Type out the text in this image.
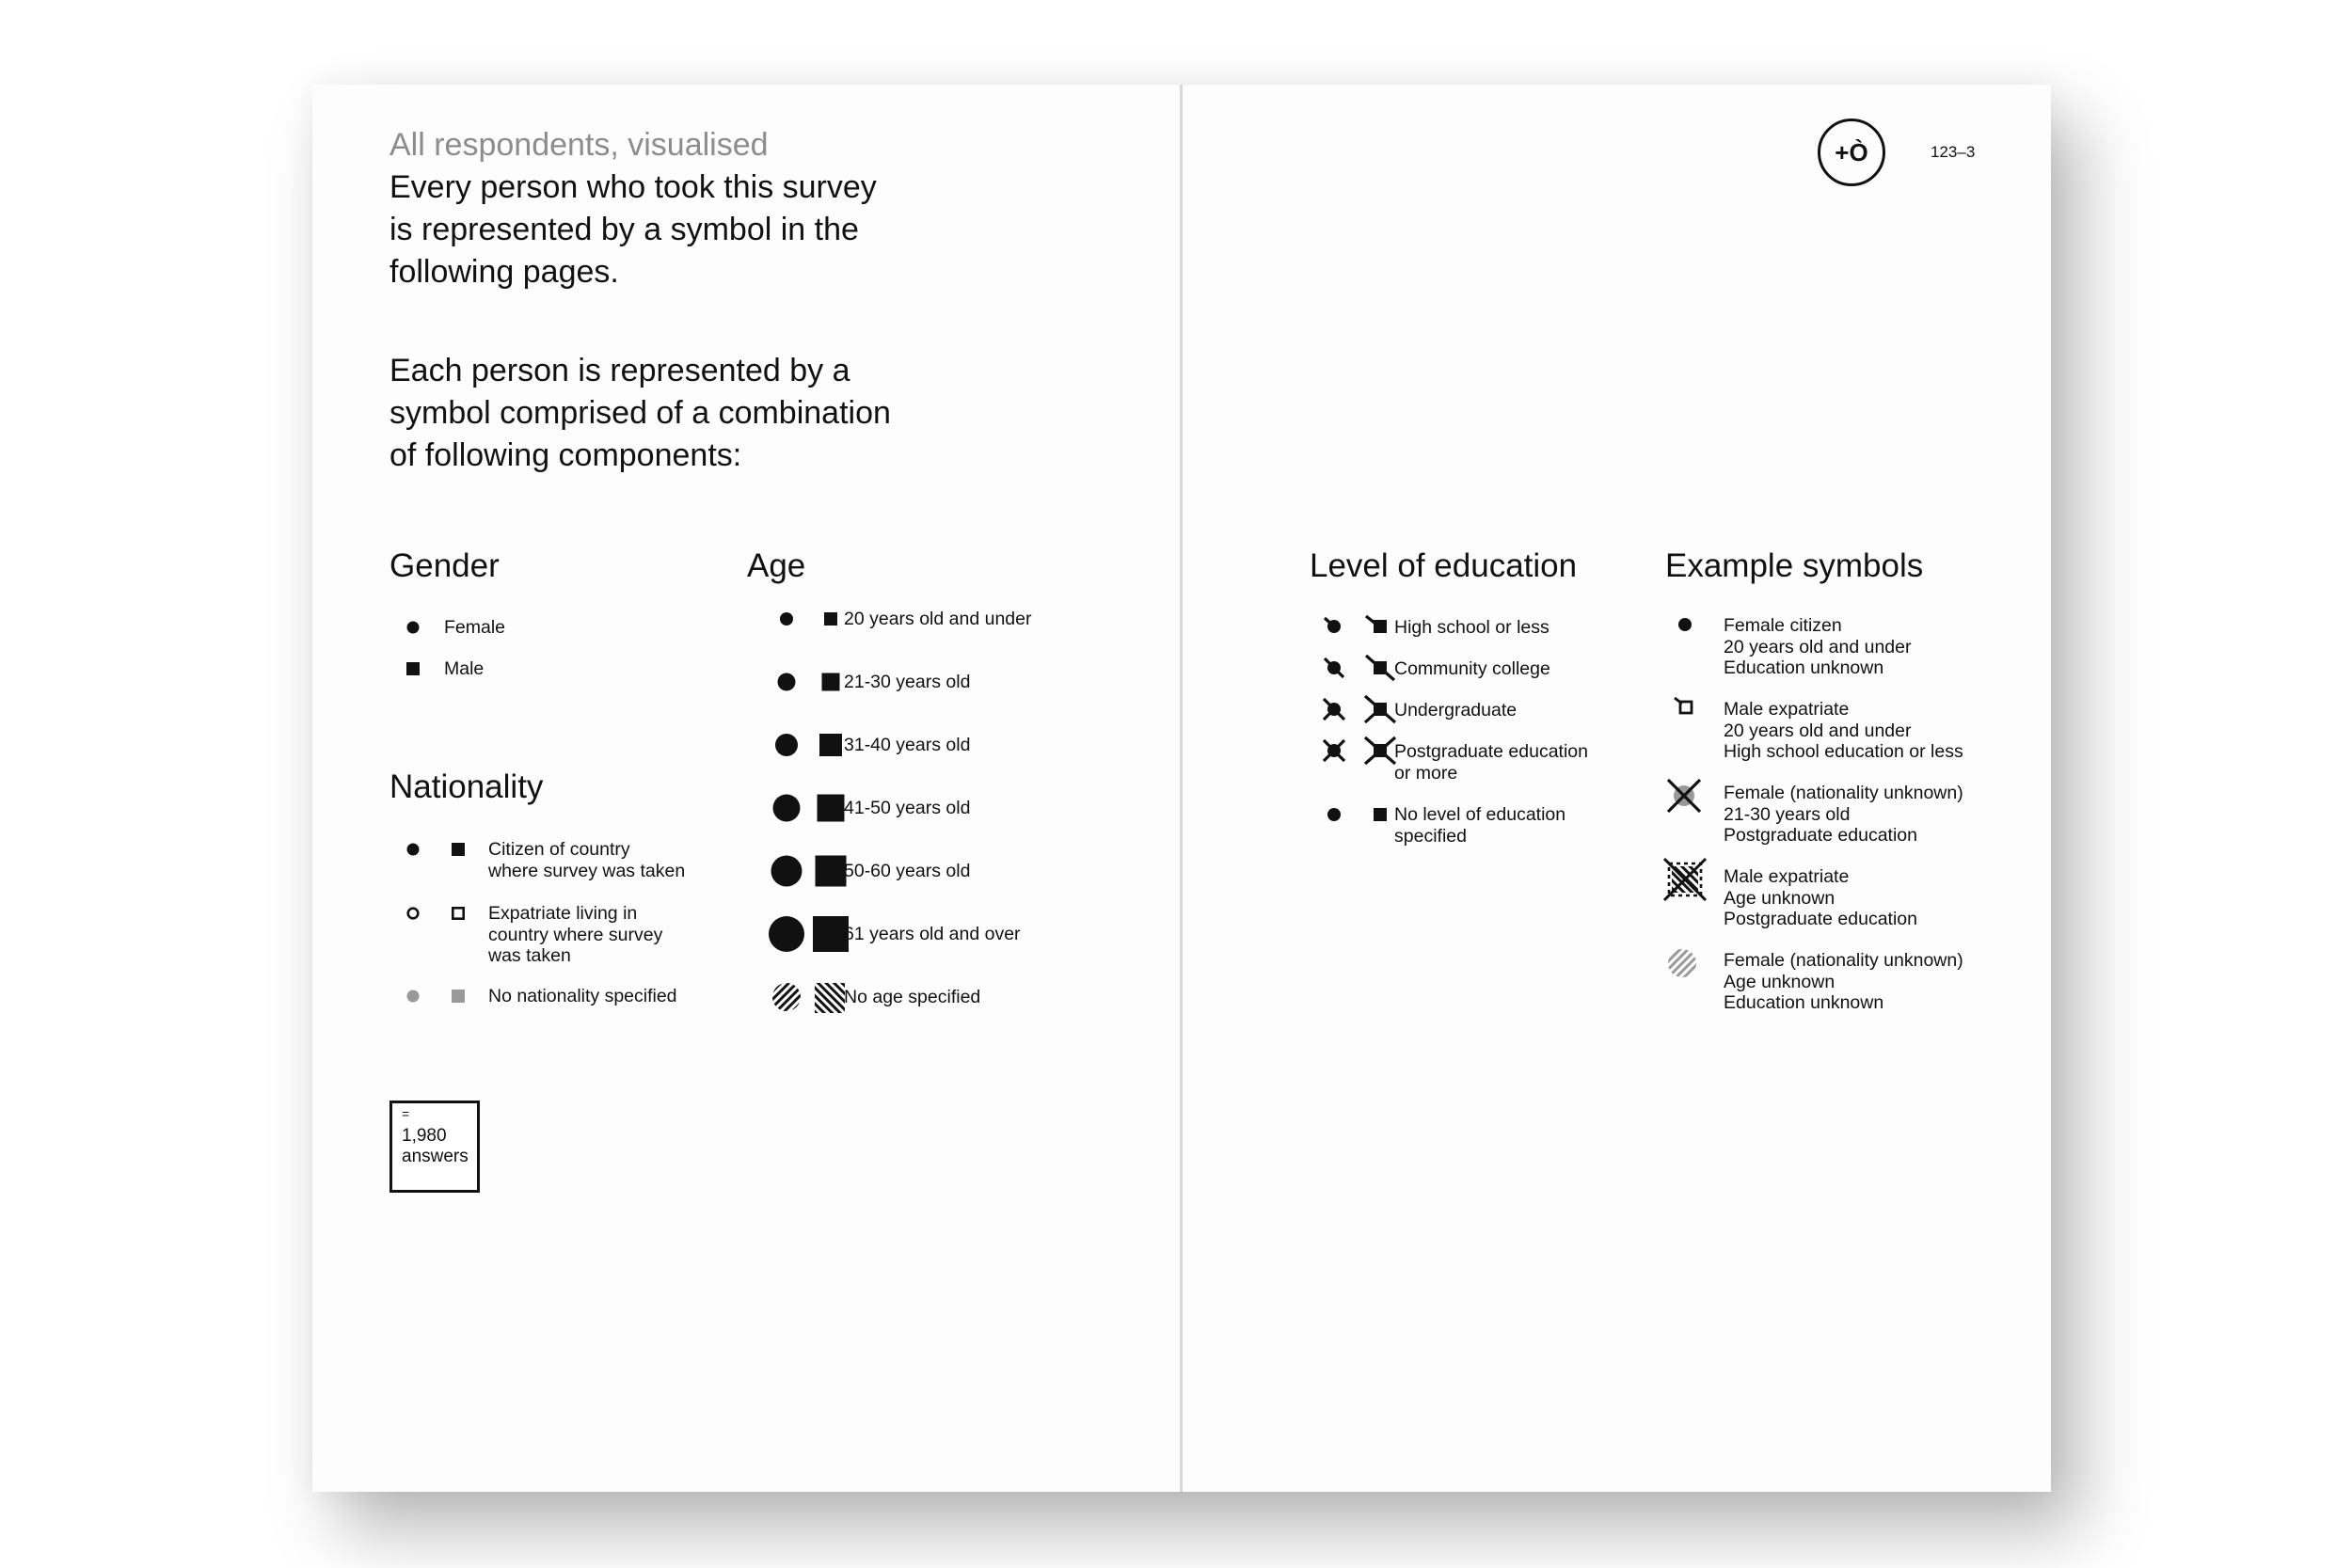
All respondents, visualised
Every person who took this survey
is represented by a symbol in the
following pages.
Each person is represented by a
symbol comprised of a combination
of following components:
Gender
Female
Male
Nationality
Citizen of country
where survey was taken
Expatriate living in
country where survey
was taken
No nationality specified
Age
20 years old and under
21-30 years old
31-40 years old
41-50 years old
50-60 years old
61 years old and over
No age specified
=
1,980
answers
+Ò	123–3
Level of education
High school or less
Community college
Undergraduate
Postgraduate education
or more
No level of education
specified
Example symbols
Female citizen
20 years old and under
Education unknown
Male expatriate
20 years old and under
High school education or less
Female (nationality unknown)
21-30 years old
Postgraduate education
Male expatriate
Age unknown
Postgraduate education
Female (nationality unknown)
Age unknown
Education unknown
